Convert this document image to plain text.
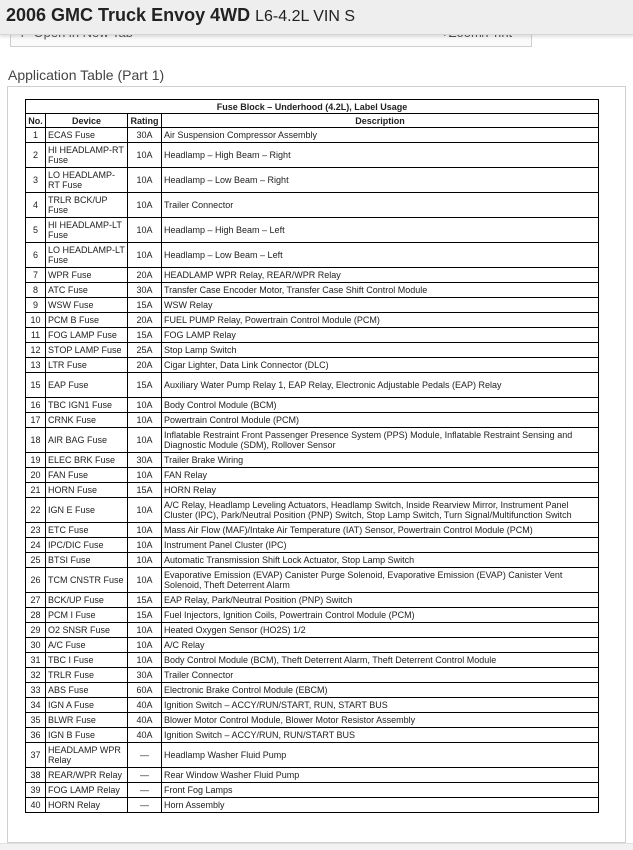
2006 GMC Truck Envoy 4WD L6-4.2L VIN S
Application Table (Part 1)
Fuse Block – Underhood (4.2L), Label Usage			
No.	Device	Rating	Description
1	ECAS Fuse	30A	Air Suspension Compressor Assembly
2	HI HEADLAMP-RT Fuse	10A	Headlamp – High Beam – Right
3	LO HEADLAMP-RT Fuse	10A	Headlamp – Low Beam – Right
4	TRLR BCK/UP Fuse	10A	Trailer Connector
5	HI HEADLAMP-LT Fuse	10A	Headlamp – High Beam – Left
6	LO HEADLAMP-LT Fuse	10A	Headlamp – Low Beam – Left
7	WPR Fuse	20A	HEADLAMP WPR Relay, REAR/WPR Relay
8	ATC Fuse	30A	Transfer Case Encoder Motor, Transfer Case Shift Control Module
9	WSW Fuse	15A	WSW Relay
10	PCM B Fuse	20A	FUEL PUMP Relay, Powertrain Control Module (PCM)
11	FOG LAMP Fuse	15A	FOG LAMP Relay
12	STOP LAMP Fuse	25A	Stop Lamp Switch
13	LTR Fuse	20A	Cigar Lighter, Data Link Connector (DLC)
15	EAP Fuse	15A	Auxiliary Water Pump Relay 1, EAP Relay, Electronic Adjustable Pedals (EAP) Relay
16	TBC IGN1 Fuse	10A	Body Control Module (BCM)
17	CRNK Fuse	10A	Powertrain Control Module (PCM)
18	AIR BAG Fuse	10A	Inflatable Restraint Front Passenger Presence System (PPS) Module, Inflatable Restraint Sensing and Diagnostic Module (SDM), Rollover Sensor
19	ELEC BRK Fuse	30A	Trailer Brake Wiring
20	FAN Fuse	10A	FAN Relay
21	HORN Fuse	15A	HORN Relay
22	IGN E Fuse	10A	A/C Relay, Headlamp Leveling Actuators, Headlamp Switch, Inside Rearview Mirror, Instrument Panel Cluster (IPC), Park/Neutral Position (PNP) Switch, Stop Lamp Switch, Turn Signal/Multifunction Switch
23	ETC Fuse	10A	Mass Air Flow (MAF)/Intake Air Temperature (IAT) Sensor, Powertrain Control Module (PCM)
24	IPC/DIC Fuse	10A	Instrument Panel Cluster (IPC)
25	BTSI Fuse	10A	Automatic Transmission Shift Lock Actuator, Stop Lamp Switch
26	TCM CNSTR Fuse	10A	Evaporative Emission (EVAP) Canister Purge Solenoid, Evaporative Emission (EVAP) Canister Vent Solenoid, Theft Deterrent Alarm
27	BCK/UP Fuse	15A	EAP Relay, Park/Neutral Position (PNP) Switch
28	PCM I Fuse	15A	Fuel Injectors, Ignition Coils, Powertrain Control Module (PCM)
29	O2 SNSR Fuse	10A	Heated Oxygen Sensor (HO2S) 1/2
30	A/C Fuse	10A	A/C Relay
31	TBC I Fuse	10A	Body Control Module (BCM), Theft Deterrent Alarm, Theft Deterrent Control Module
32	TRLR Fuse	30A	Trailer Connector
33	ABS Fuse	60A	Electronic Brake Control Module (EBCM)
34	IGN A Fuse	40A	Ignition Switch – ACCY/RUN/START, RUN, START BUS
35	BLWR Fuse	40A	Blower Motor Control Module, Blower Motor Resistor Assembly
36	IGN B Fuse	40A	Ignition Switch – ACCY/RUN, RUN/START BUS
37	HEADLAMP WPR Relay	—	Headlamp Washer Fluid Pump
38	REAR/WPR Relay	—	Rear Window Washer Fluid Pump
39	FOG LAMP Relay	—	Front Fog Lamps
40	HORN Relay	—	Horn Assembly
